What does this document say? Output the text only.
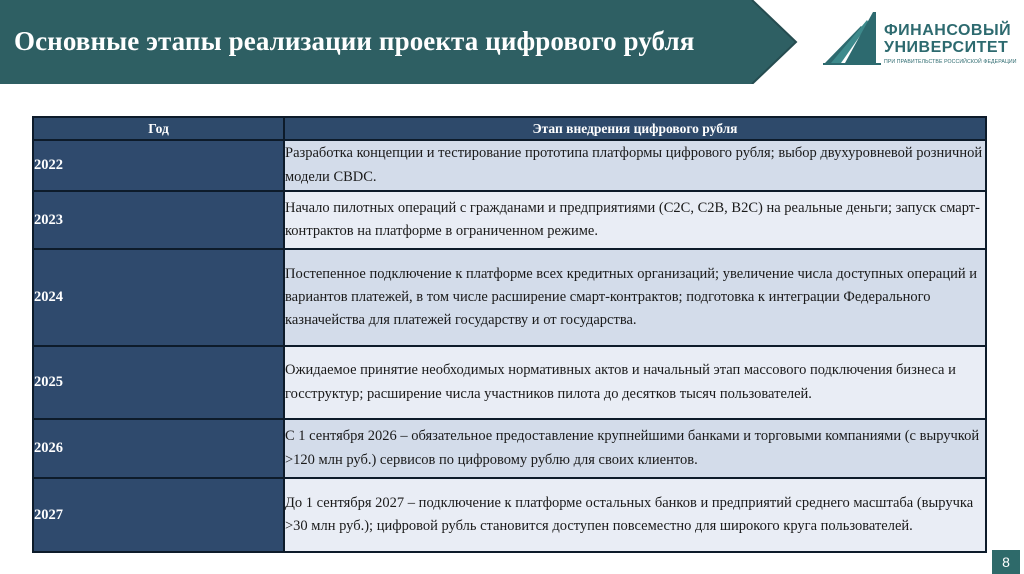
Основные этапы реализации проекта цифрового рубля	ФИНАНСОВЫЙ
УНИВЕРСИТЕТ
ПРИ ПРАВИТЕЛЬСТВЕ РОССИЙСКОЙ ФЕДЕРАЦИИ
Год	Этап внедрения цифрового рубля
2022	Разработка концепции и тестирование прототипа платформы цифрового рубля; выбор двухуровневой розничной модели CBDC.
2023	Начало пилотных операций с гражданами и предприятиями (C2C, C2B, B2C) на реальные деньги; запуск смарт-контрактов на платформе в ограниченном режиме.
2024	Постепенное подключение к платформе всех кредитных организаций; увеличение числа доступных операций и вариантов платежей, в том числе расширение смарт-контрактов; подготовка к интеграции Федерального казначейства для платежей государству и от государства.
2025	Ожидаемое принятие необходимых нормативных актов и начальный этап массового подключения бизнеса и госструктур; расширение числа участников пилота до десятков тысяч пользователей.
2026	С 1 сентября 2026 – обязательное предоставление крупнейшими банками и торговыми компаниями (с выручкой >120 млн руб.) сервисов по цифровому рублю для своих клиентов.
2027	До 1 сентября 2027 – подключение к платформе остальных банков и предприятий среднего масштаба (выручка >30 млн руб.); цифровой рубль становится доступен повсеместно для широкого круга пользователей.
8
